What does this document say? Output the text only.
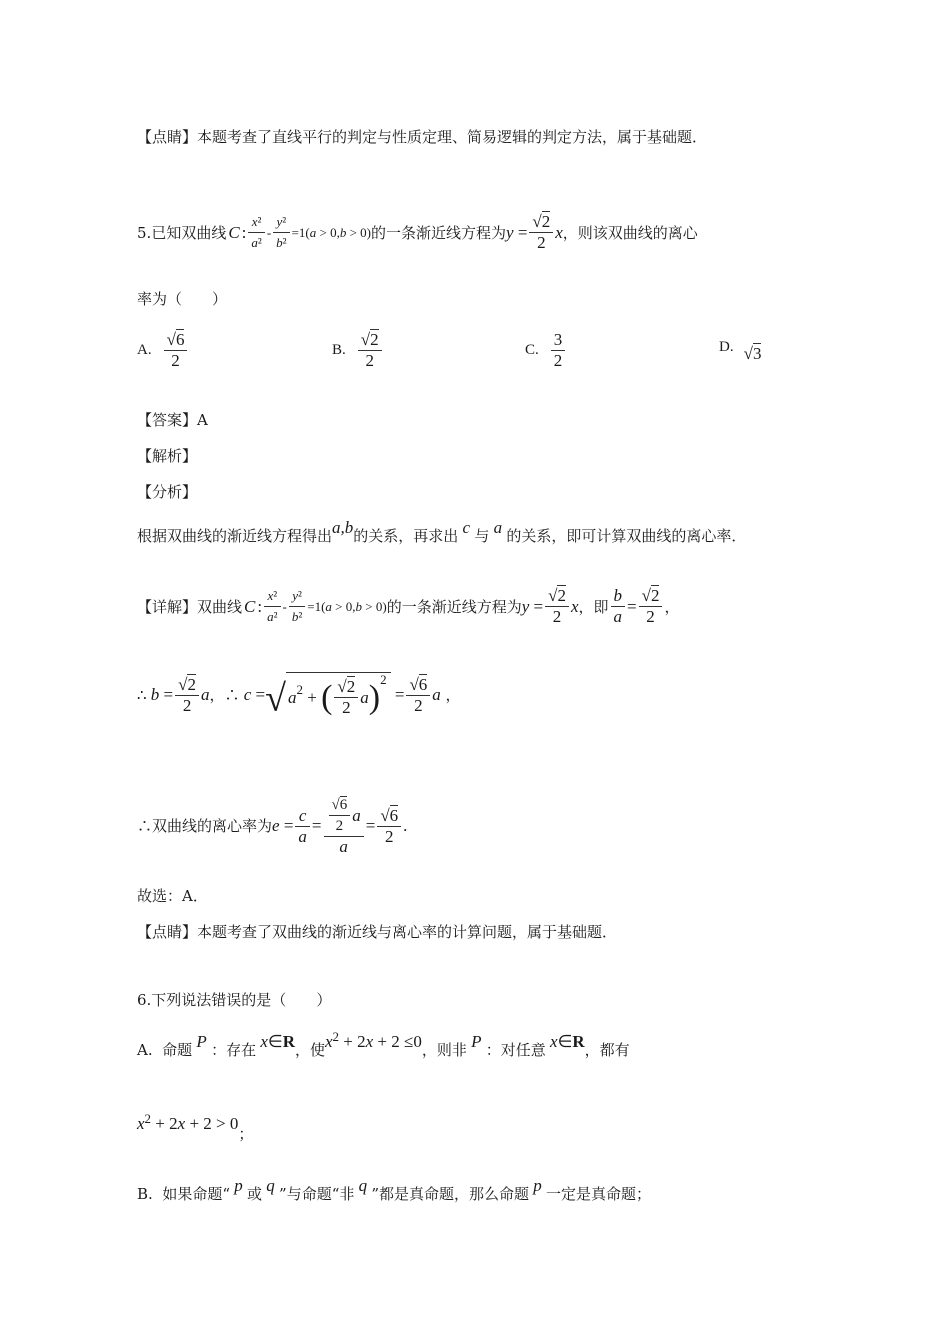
【点睛】本题考查了直线平行的判定与性质定理、简易逻辑的判定方法，属于基础题．
5. 已知双曲线 C : $\frac{\text{x²}}{\text{a²}} - \frac{\text{y²}}{\text{b²}} =1(a > 0,b > 0)$ 的一条渐近线方程为 $y = \frac{√2}{2}$ x ，则该双曲线的离心
率为（　　）
A. $\frac{√6}{2}$	B. $\frac{√2}{2}$	C. $\frac{3}{2}$	D. √3
【答案】A
【解析】
【分析】
根据双曲线的渐近线方程得出a,b的关系，再求出 c 与 a 的关系，即可计算双曲线的离心率．
【详解】双曲线 C : $\frac{\text{x²}}{\text{a²}} - \frac{\text{y²}}{\text{b²}} =1(a > 0,b > 0)$ 的一条渐近线方程为 $y = \frac{√2}{2}$ x ，即 $\frac{b}{a} = \frac{√2}{2}$ ，
∴ $b = \frac{√2}{2}$ a ，∴ c = √ a 2 + ( $\frac{√2}{2}$ a ) 2
= $\frac{√6}{2}$ a ，
∴双曲线的离心率为 $e = \frac{c}{a} = \frac{\frac{√6}{2} a}{a} = \frac{√6}{2}$ .
故选：A．
【点睛】本题考查了双曲线的渐近线与离心率的计算问题，属于基础题．
6.下列说法错误的是（　　）
A. 命题 P ：存在 x∈R，使x2 + 2x + 2 ≤0，则非 P ：对任意 x∈R，都有
x2 + 2x + 2 > 0；
B. 如果命题“ p 或 q ”与命题“非 q ”都是真命题，那么命题 p 一定是真命题；
